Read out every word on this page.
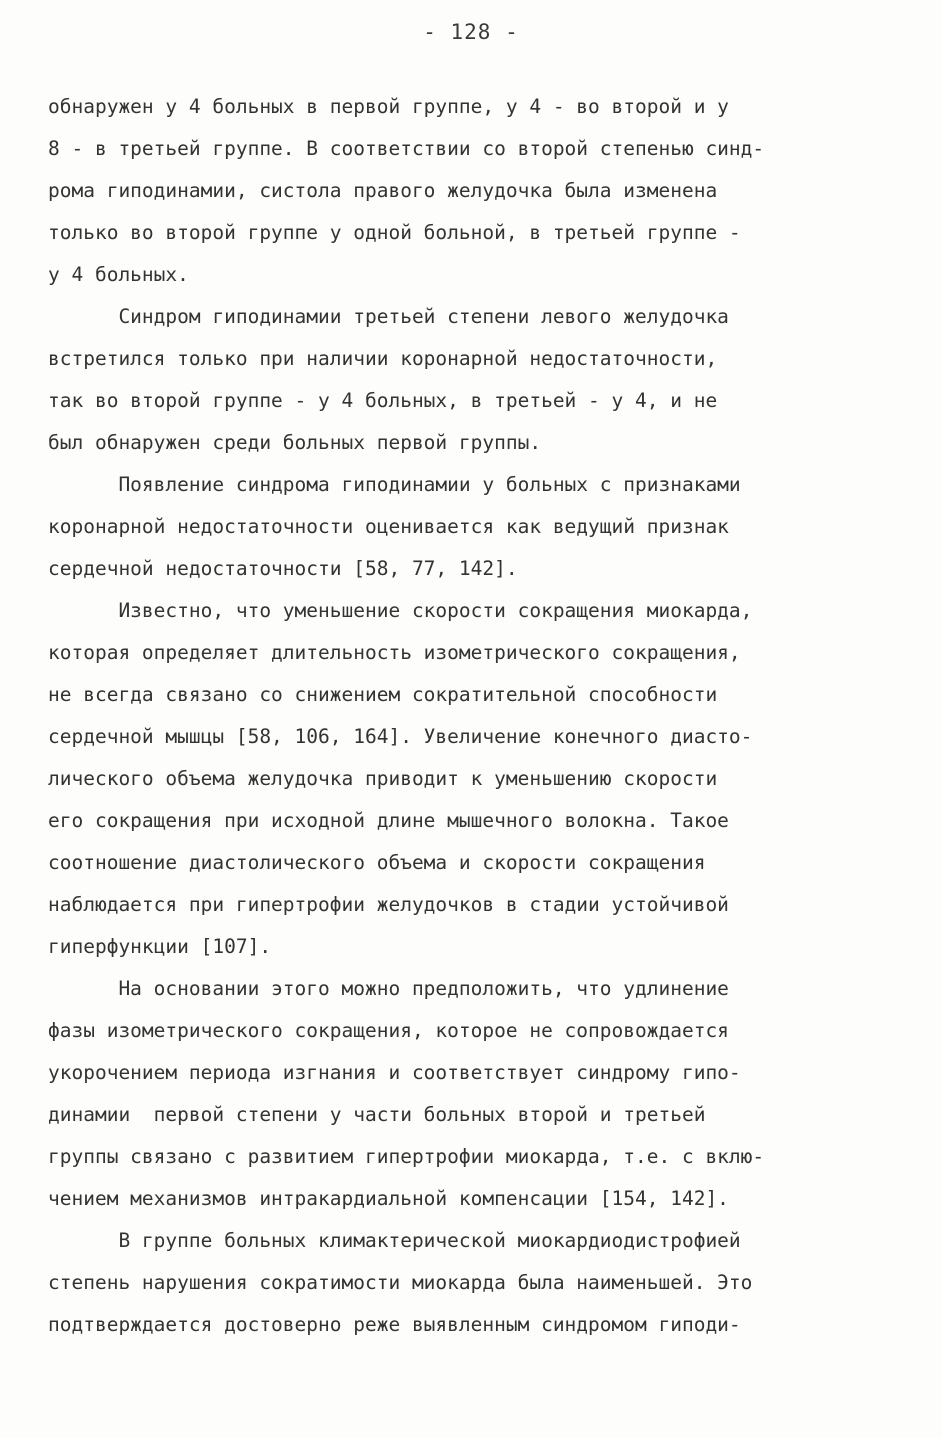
- 128 -
обнаружен у 4 больных в первой группе, у 4 - во второй и у
8 - в третьей группе. В соответствии со второй степенью синд-
рома гиподинамии, систола правого желудочка была изменена
только во второй группе у одной больной, в третьей группе -
у 4 больных.
Синдром гиподинамии третьей степени левого желудочка
встретился только при наличии коронарной недостаточности,
так во второй группе - у 4 больных, в третьей - у 4, и не
был обнаружен среди больных первой группы.
Появление синдрома гиподинамии у больных с признаками
коронарной недостаточности оценивается как ведущий признак
сердечной недостаточности [58, 77, 142].
Известно, что уменьшение скорости сокращения миокарда,
которая определяет длительность изометрического сокращения,
не всегда связано со снижением сократительной способности
сердечной мышцы [58, 106, 164]. Увеличение конечного диасто-
лического объема желудочка приводит к уменьшению скорости
его сокращения при исходной длине мышечного волокна. Такое
соотношение диастолического объема и скорости сокращения
наблюдается при гипертрофии желудочков в стадии устойчивой
гиперфункции [107].
На основании этого можно предположить, что удлинение
фазы изометрического сокращения, которое не сопровождается
укорочением периода изгнания и соответствует синдрому гипо-
динамии  первой степени у части больных второй и третьей
группы связано с развитием гипертрофии миокарда, т.е. с вклю-
чением механизмов интракардиальной компенсации [154, 142].
В группе больных климактерической миокардиодистрофией
степень нарушения сократимости миокарда была наименьшей. Это
подтверждается достоверно реже выявленным синдромом гиподи-
